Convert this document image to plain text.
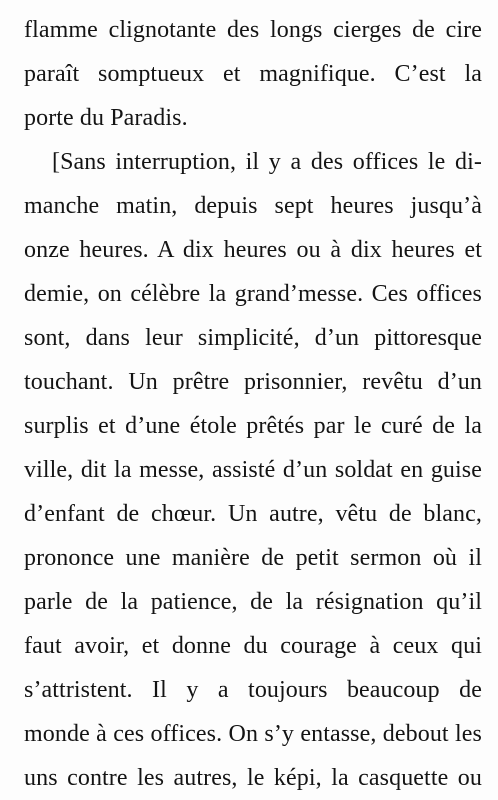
flamme clignotante des longs cierges de cire
paraît somptueux et magnifique. C’est la
porte du Paradis.
[Sans interruption, il y a des offices le di-
manche matin, depuis sept heures jusqu’à
onze heures. A dix heures ou à dix heures et
demie, on célèbre la grand’messe. Ces offices
sont, dans leur simplicité, d’un pittoresque
touchant. Un prêtre prisonnier, revêtu d’un
surplis et d’une étole prêtés par le curé de la
ville, dit la messe, assisté d’un soldat en guise
d’enfant de chœur. Un autre, vêtu de blanc,
prononce une manière de petit sermon où il
parle de la patience, de la résignation qu’il
faut avoir, et donne du courage à ceux qui
s’attristent. Il y a toujours beaucoup de
monde à ces offices. On s’y entasse, debout les
uns contre les autres, le képi, la casquette ou
